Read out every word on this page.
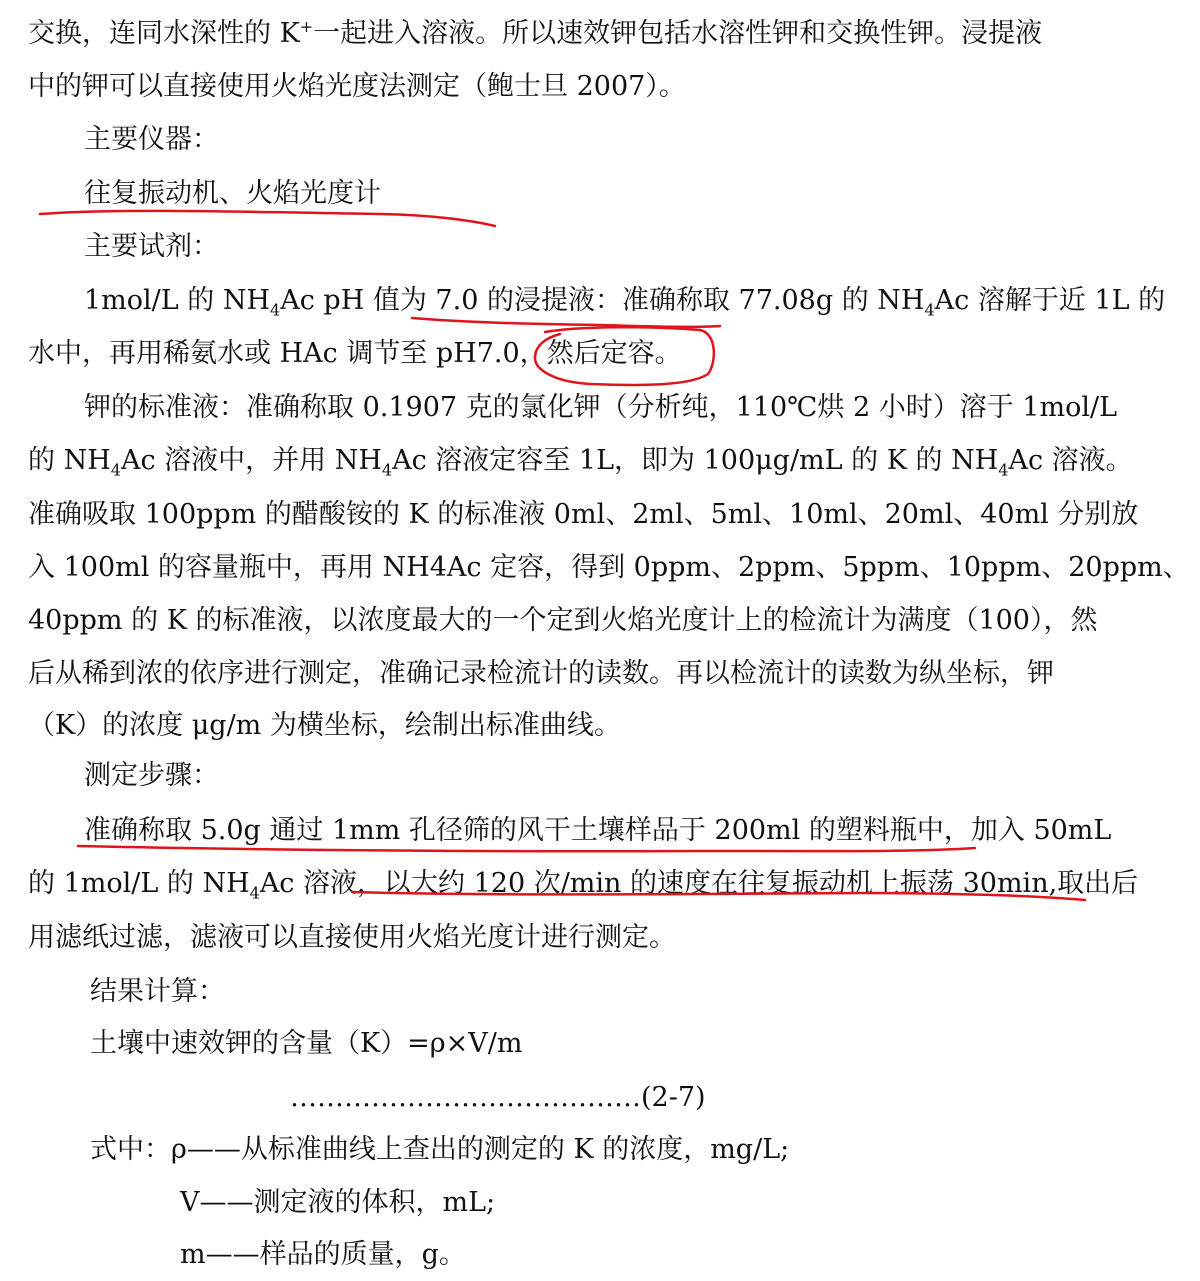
交换，连同水深性的 K+一起进入溶液。所以速效钾包括水溶性钾和交换性钾。浸提液
中的钾可以直接使用火焰光度法测定（鲍士旦 2007）。
主要仪器：
往复振动机、火焰光度计
主要试剂：
1mol/L 的 $NH_4Ac$ pH 值为 7.0 的浸提液：准确称取 77.08g 的 $NH_4Ac$ 溶解于近 1L 的
水中，再用稀氨水或 HAc 调节至 pH7.0，然后定容。
钾的标准液：准确称取 0.1907 克的氯化钾（分析纯，110℃烘 2 小时）溶于 1mol/L
的 $NH_4Ac$ 溶液中，并用 $NH_4Ac$ 溶液定容至 1L，即为 100μg/mL 的 K 的 $NH_4Ac$ 溶液。
准确吸取 100ppm 的醋酸铵的 K 的标准液 0ml、2ml、5ml、10ml、20ml、40ml 分别放
入 100ml 的容量瓶中，再用 NH4Ac 定容，得到 0ppm、2ppm、5ppm、10ppm、20ppm、
40ppm 的 K 的标准液，以浓度最大的一个定到火焰光度计上的检流计为满度（100），然
后从稀到浓的依序进行测定，准确记录检流计的读数。再以检流计的读数为纵坐标，钾
（K）的浓度 μg/m 为横坐标，绘制出标准曲线。
测定步骤：
准确称取 5.0g 通过 1mm 孔径筛的风干土壤样品于 200ml 的塑料瓶中，加入 50mL
的 1mol/L 的 $NH_4Ac$ 溶液，以大约 120 次/min 的速度在往复振动机上振荡 30min,取出后
用滤纸过滤，滤液可以直接使用火焰光度计进行测定。
结果计算：
土壤中速效钾的含量（K）=ρ×V/m
…………………………………(2-7)
式中：ρ——从标准曲线上查出的测定的 K 的浓度，mg/L;
V——测定液的体积，mL;
m——样品的质量，g。
